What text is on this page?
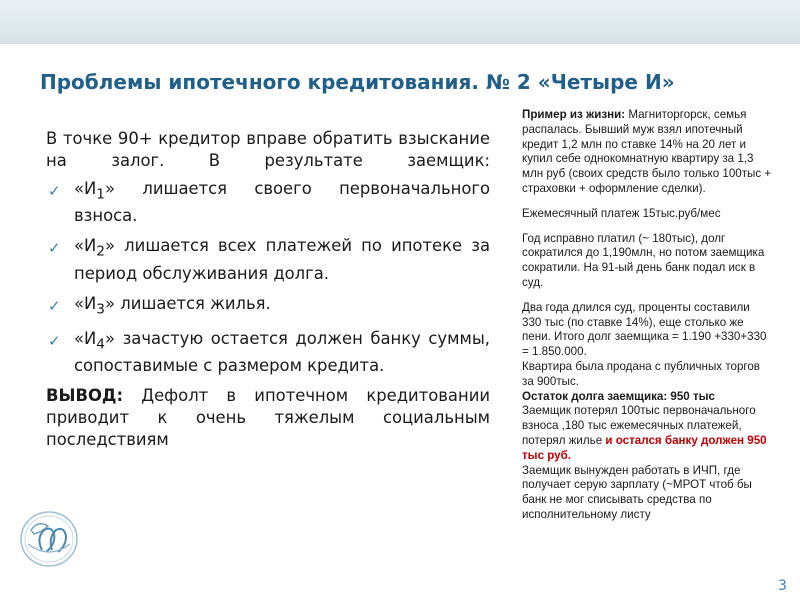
Проблемы ипотечного кредитования. № 2 «Четыре И»

В точке 90+ кредитор вправе обратить взыскание на залог. В результате заемщик:

✓ «$И_1$» лишается своего первоначального взноса.
✓ «$И_2$» лишается всех платежей по ипотеке за период обслуживания долга.
✓ «$И_3$» лишается жилья.
✓ «$И_4$» зачастую остается должен банку суммы, сопоставимые с размером кредита.

ВЫВОД: Дефолт в ипотечном кредитовании приводит к очень тяжелым социальным последствиям

Пример из жизни: Магниторгорск, семья распалась. Бывший муж взял ипотечный кредит 1,2 млн по ставке 14% на 20 лет и купил себе однокомнатную квартиру за 1,3 млн руб (своих средств было только 100тыс + страховки + оформление сделки).

Ежемесячный платеж 15тыс.руб/мес

Год исправно платил (~ 180тыс), долг сократился до 1,190млн, но потом заемщика сократили. На 91-ый день банк подал иск в суд.

Два года длился суд, проценты составили 330 тыс (по ставке 14%), еще столько же пени. Итого долг заемщика = 1.190 +330+330 = 1.850.000.

Квартира была продана с публичных торгов за 900тыс.

Остаток долга заемщика: 950 тыс

Заемщик потерял 100тыс первоначального взноса ,180 тыс ежемесячных платежей, потерял жилье и остался банку должен 950 тыс руб.

Заемщик вынужден работать в ИЧП, где получает серую зарплату (~МРОТ чтоб бы банк не мог списывать средства по исполнительному листу

3
